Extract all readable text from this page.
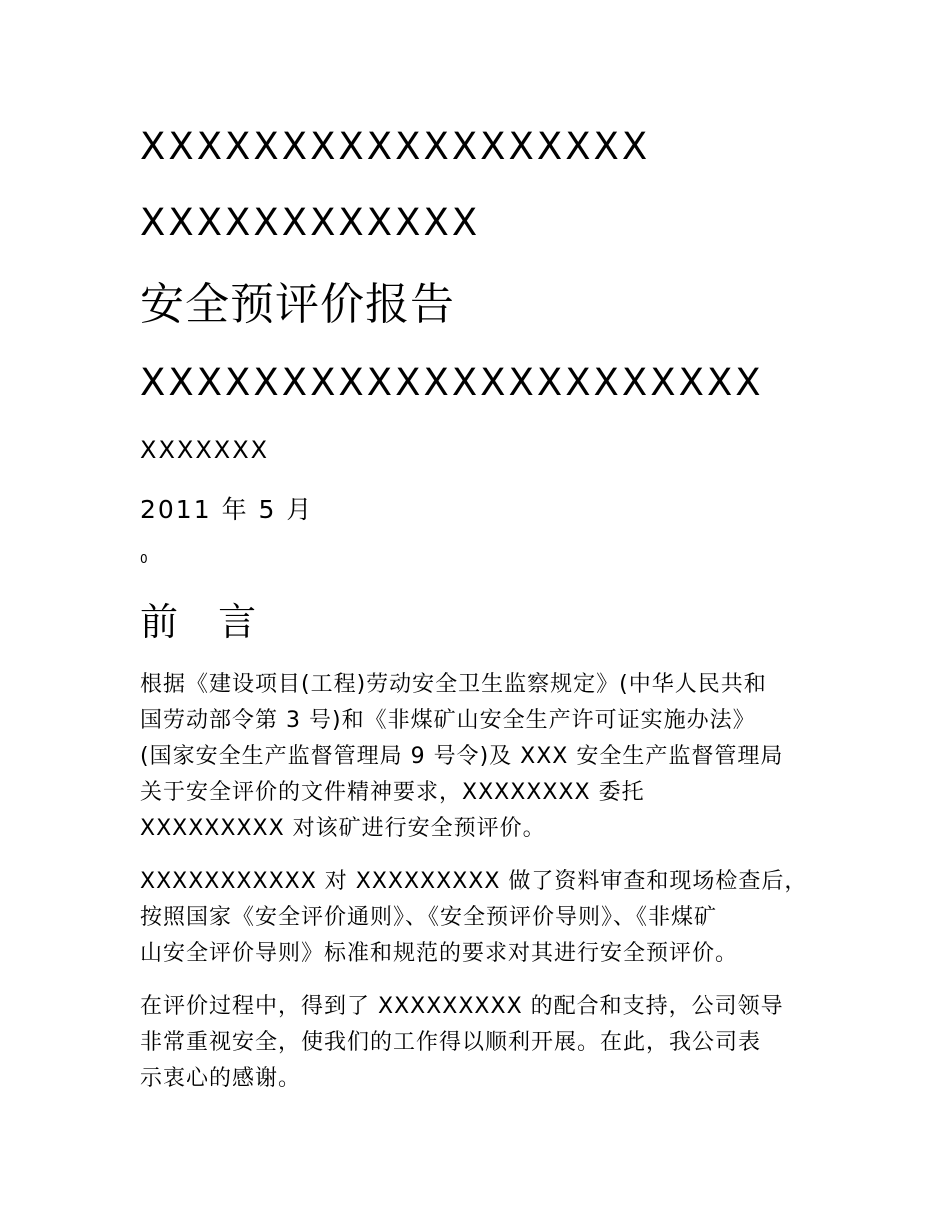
XXXXXXXXXXXXXXXXXX
XXXXXXXXXXXX
安全预评价报告
XXXXXXXXXXXXXXXXXXXXXX
XXXXXXX
2011 年 5 月
0
前 言
根据《建设项目(工程)劳动安全卫生监察规定》(中华人民共和
国劳动部令第 3 号)和《非煤矿山安全生产许可证实施办法》
(国家安全生产监督管理局 9 号令)及 XXX 安全生产监督管理局
关于安全评价的文件精神要求，XXXXXXXX 委托
XXXXXXXXX 对该矿进行安全预评价。
XXXXXXXXXXX 对 XXXXXXXXX 做了资料审查和现场检查后，
按照国家《安全评价通则》、《安全预评价导则》、《非煤矿
山安全评价导则》标准和规范的要求对其进行安全预评价。
在评价过程中，得到了 XXXXXXXXX 的配合和支持，公司领导
非常重视安全，使我们的工作得以顺利开展。在此，我公司表
示衷心的感谢。
